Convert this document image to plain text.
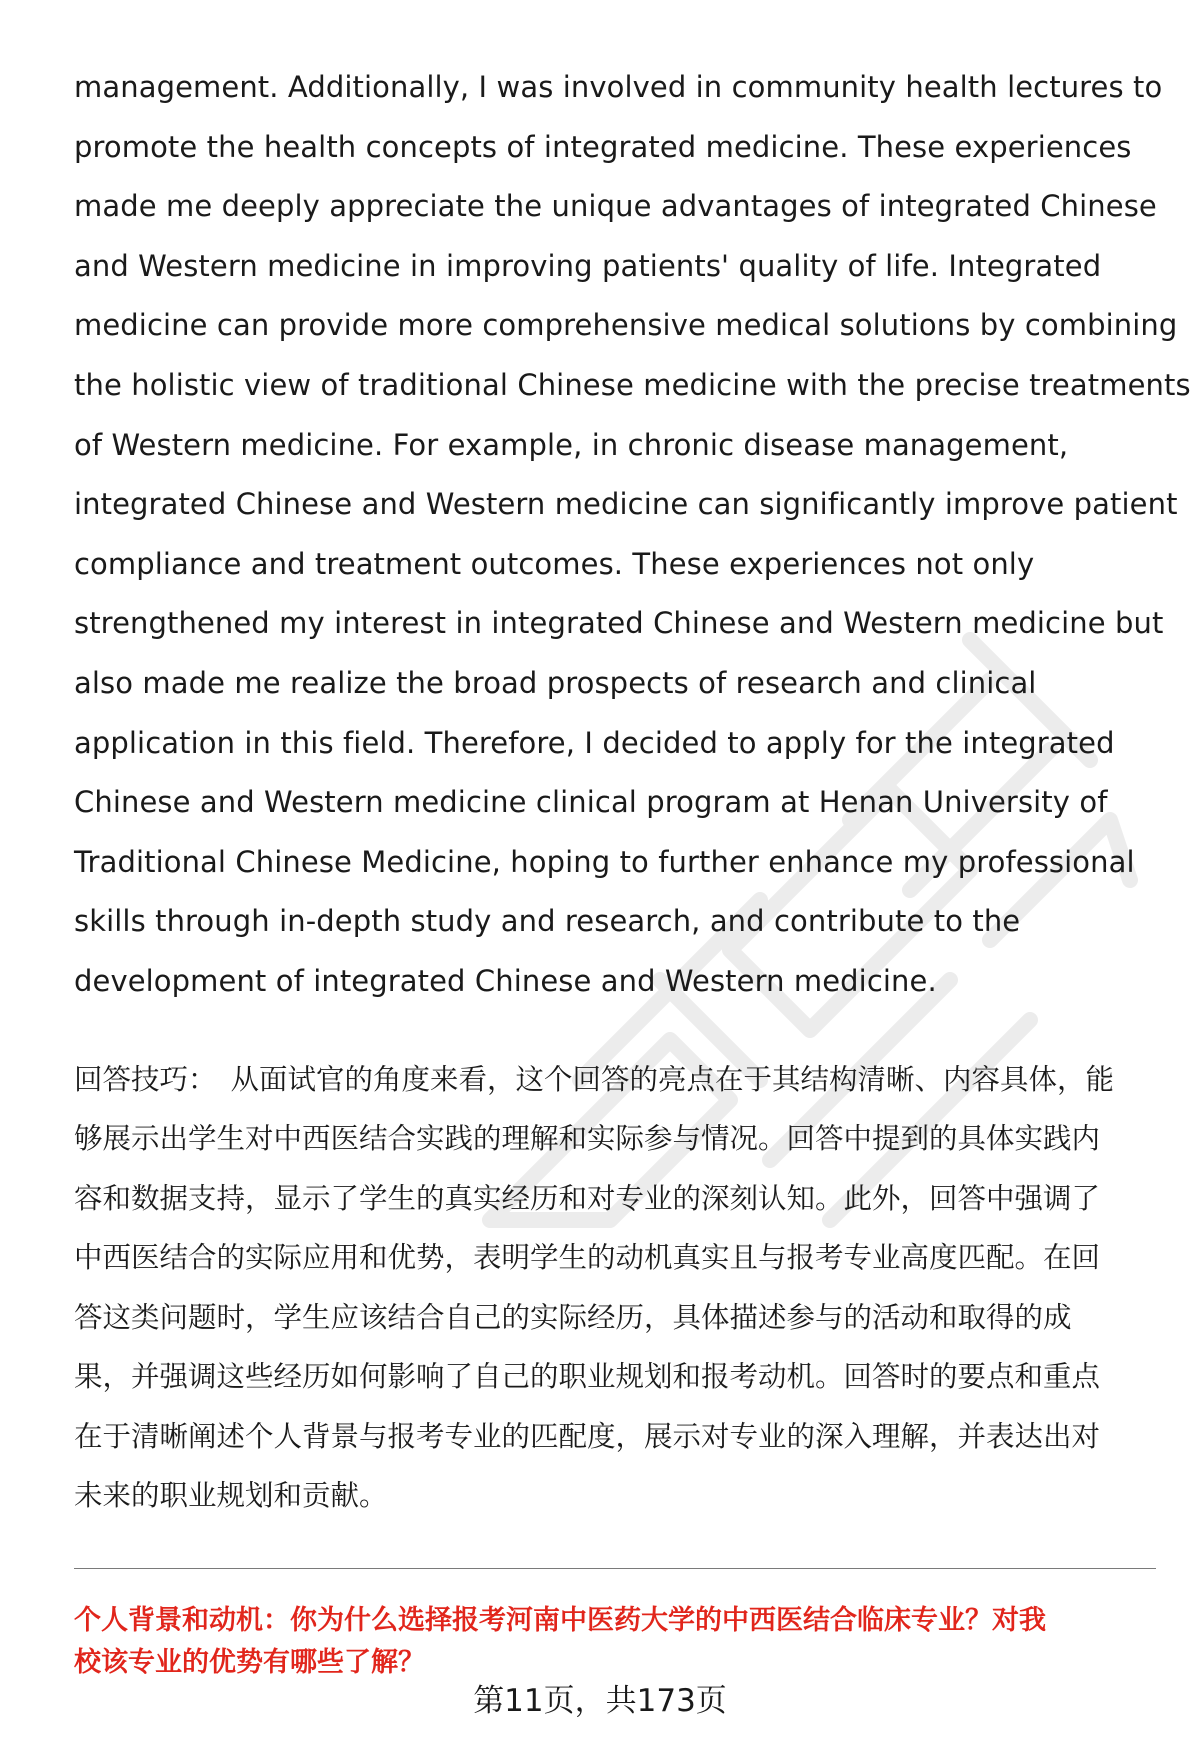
management. Additionally, I was involved in community health lectures to
promote the health concepts of integrated medicine. These experiences
made me deeply appreciate the unique advantages of integrated Chinese
and Western medicine in improving patients' quality of life. Integrated
medicine can provide more comprehensive medical solutions by combining
the holistic view of traditional Chinese medicine with the precise treatments
of Western medicine. For example, in chronic disease management,
integrated Chinese and Western medicine can significantly improve patient
compliance and treatment outcomes. These experiences not only
strengthened my interest in integrated Chinese and Western medicine but
also made me realize the broad prospects of research and clinical
application in this field. Therefore, I decided to apply for the integrated
Chinese and Western medicine clinical program at Henan University of
Traditional Chinese Medicine, hoping to further enhance my professional
skills through in-depth study and research, and contribute to the
development of integrated Chinese and Western medicine.
回答技巧： 从面试官的角度来看，这个回答的亮点在于其结构清晰、内容具体，能
够展示出学生对中西医结合实践的理解和实际参与情况。回答中提到的具体实践内
容和数据支持，显示了学生的真实经历和对专业的深刻认知。此外，回答中强调了
中西医结合的实际应用和优势，表明学生的动机真实且与报考专业高度匹配。在回
答这类问题时，学生应该结合自己的实际经历，具体描述参与的活动和取得的成
果，并强调这些经历如何影响了自己的职业规划和报考动机。回答时的要点和重点
在于清晰阐述个人背景与报考专业的匹配度，展示对专业的深入理解，并表达出对
未来的职业规划和贡献。
个人背景和动机：你为什么选择报考河南中医药大学的中西医结合临床专业？对我
校该专业的优势有哪些了解？
第11页，共173页
